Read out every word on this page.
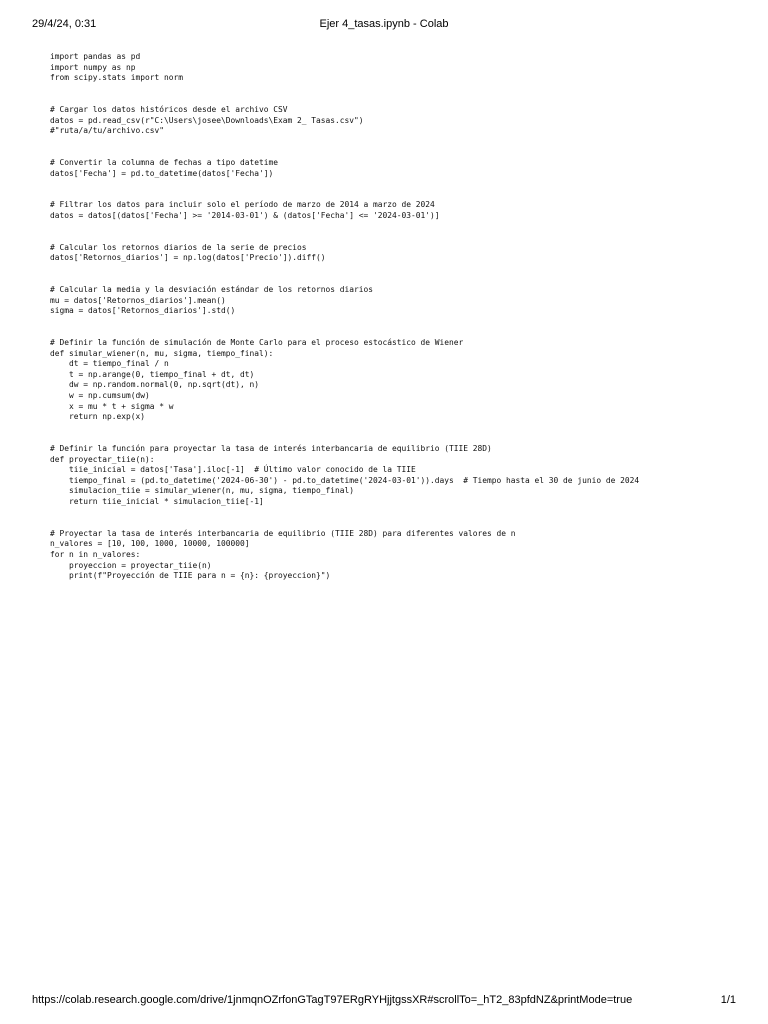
29/4/24, 0:31	Ejer 4_tasas.ipynb - Colab
import pandas as pd
import numpy as np
from scipy.stats import norm
# Cargar los datos históricos desde el archivo CSV
datos = pd.read_csv(r"C:\Users\josee\Downloads\Exam 2_ Tasas.csv")
#"ruta/a/tu/archivo.csv"
# Convertir la columna de fechas a tipo datetime
datos['Fecha'] = pd.to_datetime(datos['Fecha'])
# Filtrar los datos para incluir solo el período de marzo de 2014 a marzo de 2024
datos = datos[(datos['Fecha'] >= '2014-03-01') & (datos['Fecha'] <= '2024-03-01')]
# Calcular los retornos diarios de la serie de precios
datos['Retornos_diarios'] = np.log(datos['Precio']).diff()
# Calcular la media y la desviación estándar de los retornos diarios
mu = datos['Retornos_diarios'].mean()
sigma = datos['Retornos_diarios'].std()
# Definir la función de simulación de Monte Carlo para el proceso estocástico de Wiener
def simular_wiener(n, mu, sigma, tiempo_final):
dt = tiempo_final / n
t = np.arange(0, tiempo_final + dt, dt)
dw = np.random.normal(0, np.sqrt(dt), n)
w = np.cumsum(dw)
x = mu * t + sigma * w
return np.exp(x)
# Definir la función para proyectar la tasa de interés interbancaria de equilibrio (TIIE 28D)
def proyectar_tiie(n):
tiie_inicial = datos['Tasa'].iloc[-1]  # Último valor conocido de la TIIE
tiempo_final = (pd.to_datetime('2024-06-30') - pd.to_datetime('2024-03-01')).days  # Tiempo hasta el 30 de junio de 2024
simulacion_tiie = simular_wiener(n, mu, sigma, tiempo_final)
return tiie_inicial * simulacion_tiie[-1]
# Proyectar la tasa de interés interbancaria de equilibrio (TIIE 28D) para diferentes valores de n
n_valores = [10, 100, 1000, 10000, 100000]
for n in n_valores:
proyeccion = proyectar_tiie(n)
print(f"Proyección de TIIE para n = {n}: {proyeccion}")
https://colab.research.google.com/drive/1jnmqnOZrfonGTagT97ERgRYHjjtgssXR#scrollTo=_hT2_83pfdNZ&printMode=true	1/1
